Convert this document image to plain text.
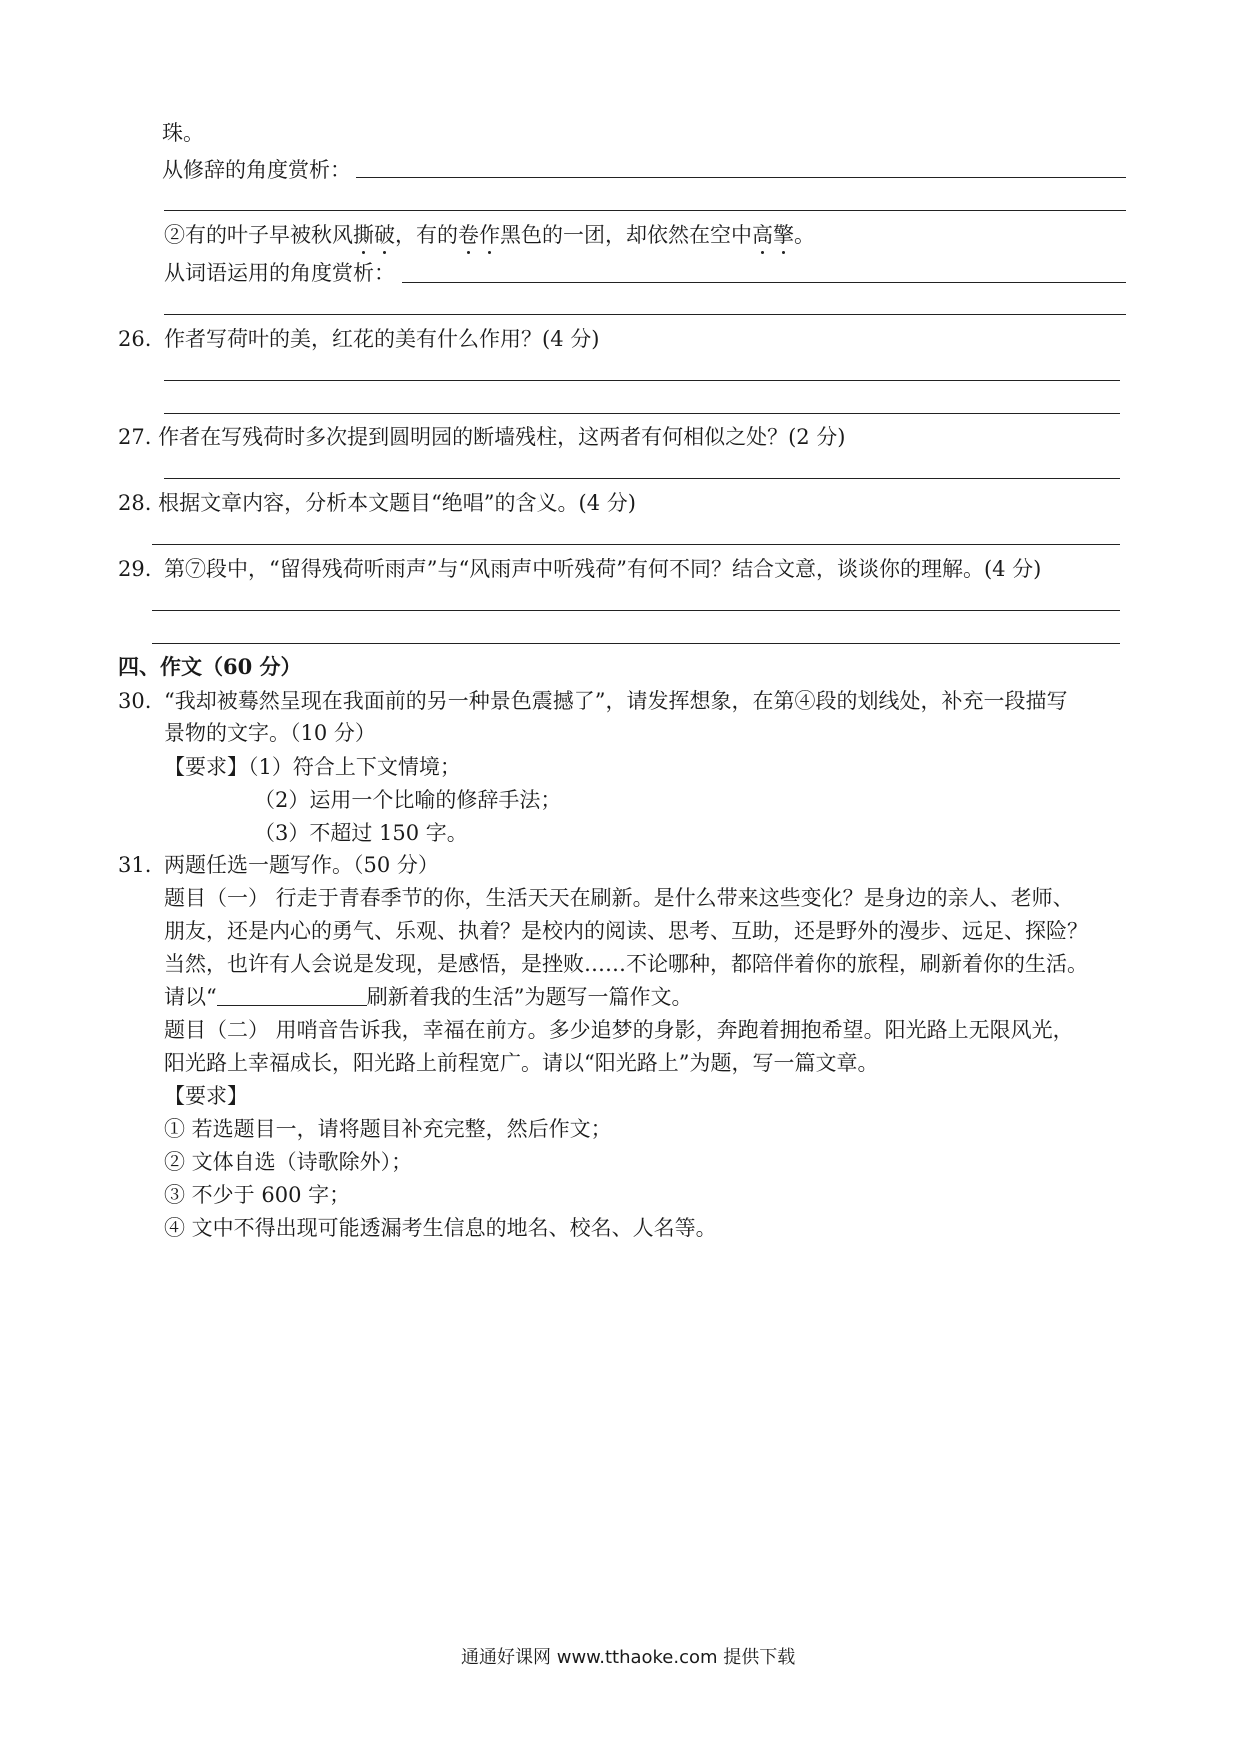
珠。
从修辞的角度赏析：
②有的叶子早被秋风撕破，有的卷作黑色的一团，却依然在空中高擎。
从词语运用的角度赏析：
26. 作者写荷叶的美，红花的美有什么作用？(4 分)
27. 作者在写残荷时多次提到圆明园的断墙残柱，这两者有何相似之处？(2 分)
28. 根据文章内容，分析本文题目“绝唱”的含义。(4 分)
29. 第⑦段中，“留得残荷听雨声”与“风雨声中听残荷”有何不同？结合文意，谈谈你的理解。(4 分)
四、作文（60 分）
30. “我却被蓦然呈现在我面前的另一种景色震撼了”，请发挥想象，在第④段的划线处，补充一段描写
景物的文字。（10 分）
【要求】（1）符合上下文情境；
（2）运用一个比喻的修辞手法；
（3）不超过 150 字。
31. 两题任选一题写作。（50 分）
题目（一） 行走于青春季节的你，生活天天在刷新。是什么带来这些变化？是身边的亲人、老师、
朋友，还是内心的勇气、乐观、执着？是校内的阅读、思考、互助，还是野外的漫步、远足、探险？
当然，也许有人会说是发现，是感悟，是挫败……不论哪种，都陪伴着你的旅程，刷新着你的生活。
请以“	刷新着我的生活”为题写一篇作文。
题目（二） 用哨音告诉我，幸福在前方。多少追梦的身影，奔跑着拥抱希望。阳光路上无限风光，
阳光路上幸福成长，阳光路上前程宽广。请以“阳光路上”为题，写一篇文章。
【要求】
① 若选题目一，请将题目补充完整，然后作文；
② 文体自选（诗歌除外）；
③ 不少于 600 字；
④ 文中不得出现可能透漏考生信息的地名、校名、人名等。
通通好课网 www.tthaoke.com 提供下载
